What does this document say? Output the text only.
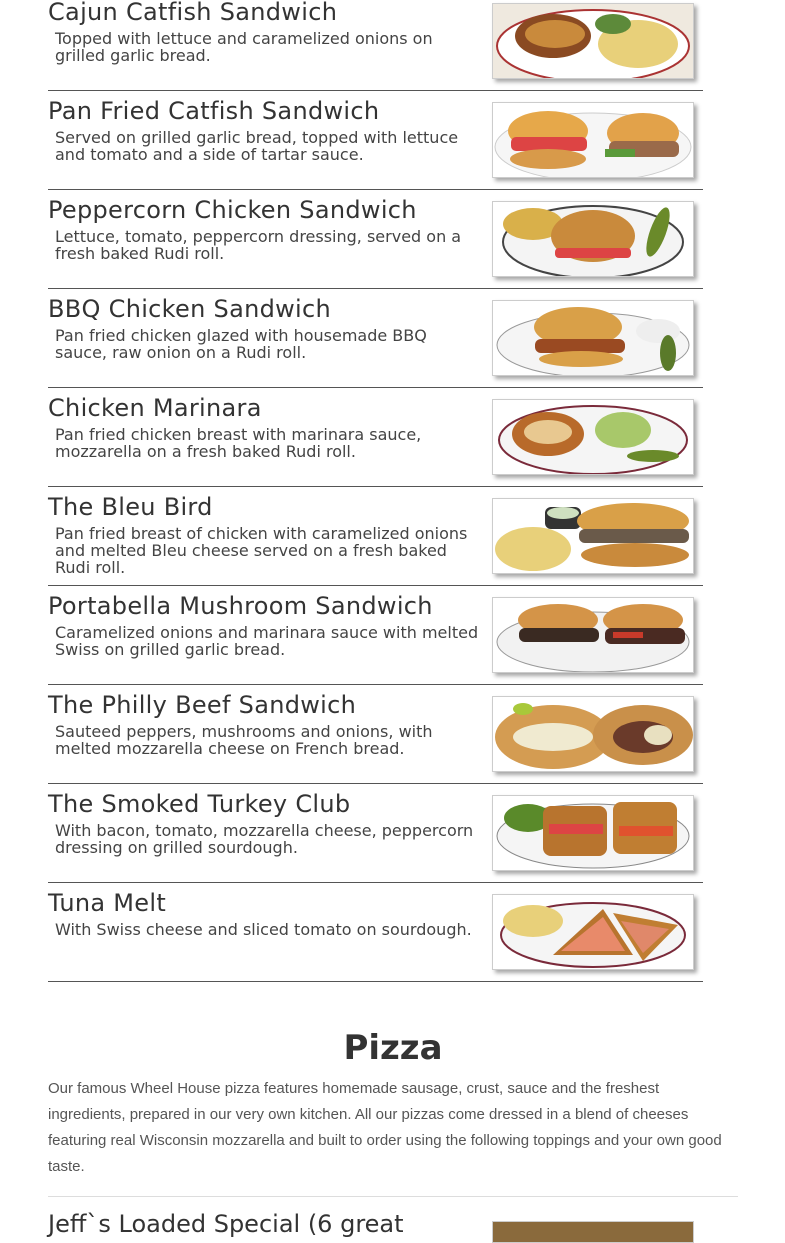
Cajun Catfish Sandwich
Topped with lettuce and caramelized onions on grilled garlic bread.
Pan Fried Catfish Sandwich
Served on grilled garlic bread, topped with lettuce and tomato and a side of tartar sauce.
Peppercorn Chicken Sandwich
Lettuce, tomato, peppercorn dressing, served on a fresh baked Rudi roll.
BBQ Chicken Sandwich
Pan fried chicken glazed with housemade BBQ sauce, raw onion on a Rudi roll.
Chicken Marinara
Pan fried chicken breast with marinara sauce, mozzarella on a fresh baked Rudi roll.
The Bleu Bird
Pan fried breast of chicken with caramelized onions and melted Bleu cheese served on a fresh baked Rudi roll.
Portabella Mushroom Sandwich
Caramelized onions and marinara sauce with melted Swiss on grilled garlic bread.
The Philly Beef Sandwich
Sauteed peppers, mushrooms and onions, with melted mozzarella cheese on French bread.
The Smoked Turkey Club
With bacon, tomato, mozzarella cheese, peppercorn dressing on grilled sourdough.
Tuna Melt
With Swiss cheese and sliced tomato on sourdough.
Pizza
Our famous Wheel House pizza features homemade sausage, crust, sauce and the freshest ingredients, prepared in our very own kitchen. All our pizzas come dressed in a blend of cheeses featuring real Wisconsin mozzarella and built to order using the following toppings and your own good taste.
Jeff`s Loaded Special (6 great
